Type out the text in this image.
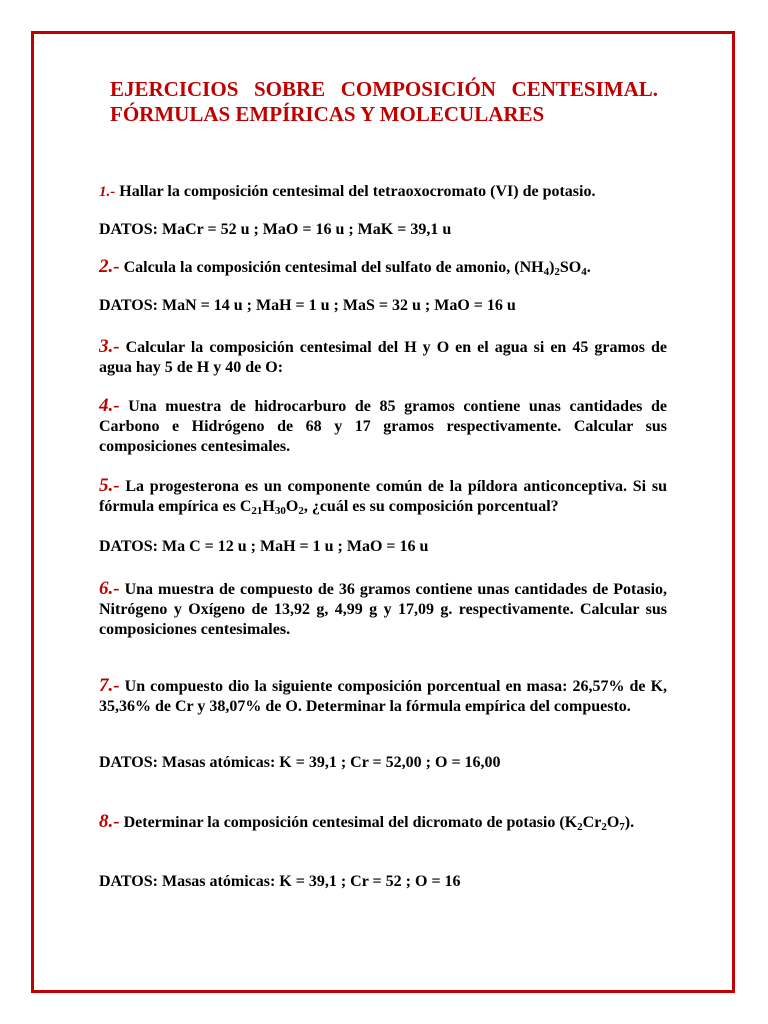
EJERCICIOS SOBRE COMPOSICIÓN CENTESIMAL. FÓRMULAS EMPÍRICAS Y MOLECULARES

1.- Hallar la composición centesimal del tetraoxocromato (VI) de potasio.

DATOS: MaCr = 52 u ; MaO = 16 u ; MaK = 39,1 u

2.- Calcula la composición centesimal del sulfato de amonio, $(NH_4)_2SO_4$.

DATOS: MaN = 14 u ; MaH = 1 u ; MaS = 32 u ; MaO = 16 u

3.- Calcular la composición centesimal del H y O en el agua si en 45 gramos de agua hay 5 de H y 40 de O:

4.- Una muestra de hidrocarburo de 85 gramos contiene unas cantidades de Carbono e Hidrógeno de 68 y 17 gramos respectivamente. Calcular sus composiciones centesimales.

5.- La progesterona es un componente común de la píldora anticonceptiva. Si su fórmula empírica es $C_{21}H_{30}O_2$, ¿cuál es su composición porcentual?

DATOS: Ma C = 12 u ; MaH = 1 u ; MaO = 16 u

6.- Una muestra de compuesto de 36 gramos contiene unas cantidades de Potasio, Nitrógeno y Oxígeno de 13,92 g, 4,99 g y 17,09 g. respectivamente. Calcular sus composiciones centesimales.

7.- Un compuesto dio la siguiente composición porcentual en masa: 26,57% de K, 35,36% de Cr y 38,07% de O. Determinar la fórmula empírica del compuesto.

DATOS: Masas atómicas: K = 39,1 ; Cr = 52,00 ; O = 16,00

8.- Determinar la composición centesimal del dicromato de potasio $(K_2Cr_2O_7)$.

DATOS: Masas atómicas: K = 39,1 ; Cr = 52 ; O = 16
